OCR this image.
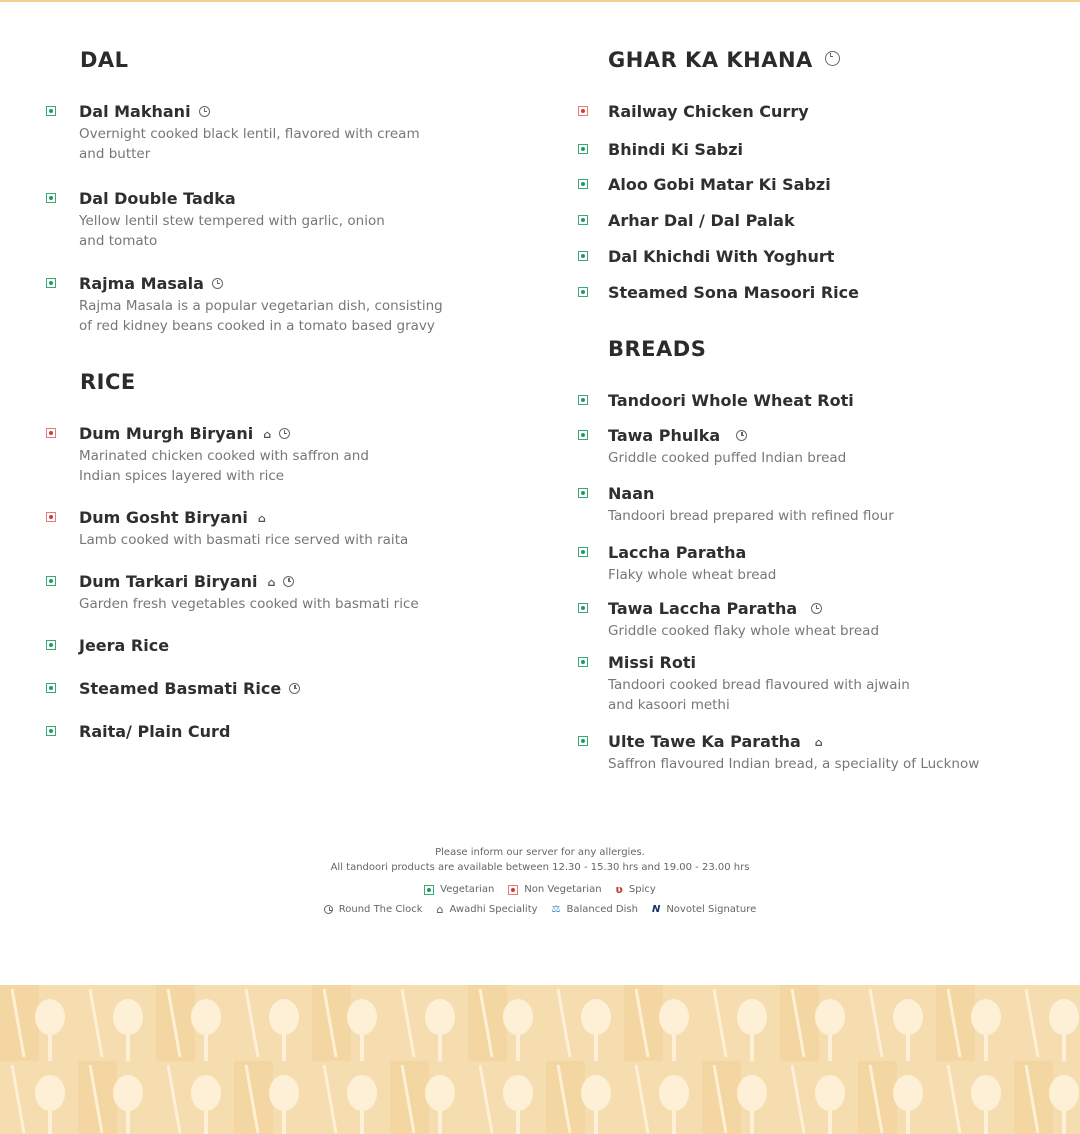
DAL
Dal Makhani
Overnight cooked black lentil, flavored with cream and butter
Dal Double Tadka
Yellow lentil stew tempered with garlic, onion and tomato
Rajma Masala
Rajma Masala is a popular vegetarian dish, consisting of red kidney beans cooked in a tomato based gravy
RICE
Dum Murgh Biryani ⌂
Marinated chicken cooked with saffron and Indian spices layered with rice
Dum Gosht Biryani ⌂
Lamb cooked with basmati rice served with raita
Dum Tarkari Biryani ⌂
Garden fresh vegetables cooked with basmati rice
Jeera Rice
Steamed Basmati Rice
Raita/ Plain Curd
GHAR KA KHANA
Railway Chicken Curry
Bhindi Ki Sabzi
Aloo Gobi Matar Ki Sabzi
Arhar Dal / Dal Palak
Dal Khichdi With Yoghurt
Steamed Sona Masoori Rice
BREADS
Tandoori Whole Wheat Roti
Tawa Phulka
Griddle cooked puffed Indian bread
Naan
Tandoori bread prepared with refined flour
Laccha Paratha
Flaky whole wheat bread
Tawa Laccha Paratha
Griddle cooked flaky whole wheat bread
Missi Roti
Tandoori cooked bread flavoured with ajwain and kasoori methi
Ulte Tawe Ka Paratha ⌂
Saffron flavoured Indian bread, a speciality of Lucknow
Please inform our server for any allergies.
All tandoori products are available between 12.30 - 15.30 hrs and 19.00 - 23.00 hrs
Vegetarian	Non Vegetarian ʋ Spicy
Round The Clock ⌂ Awadhi Speciality ⚖ Balanced Dish N Novotel Signature
